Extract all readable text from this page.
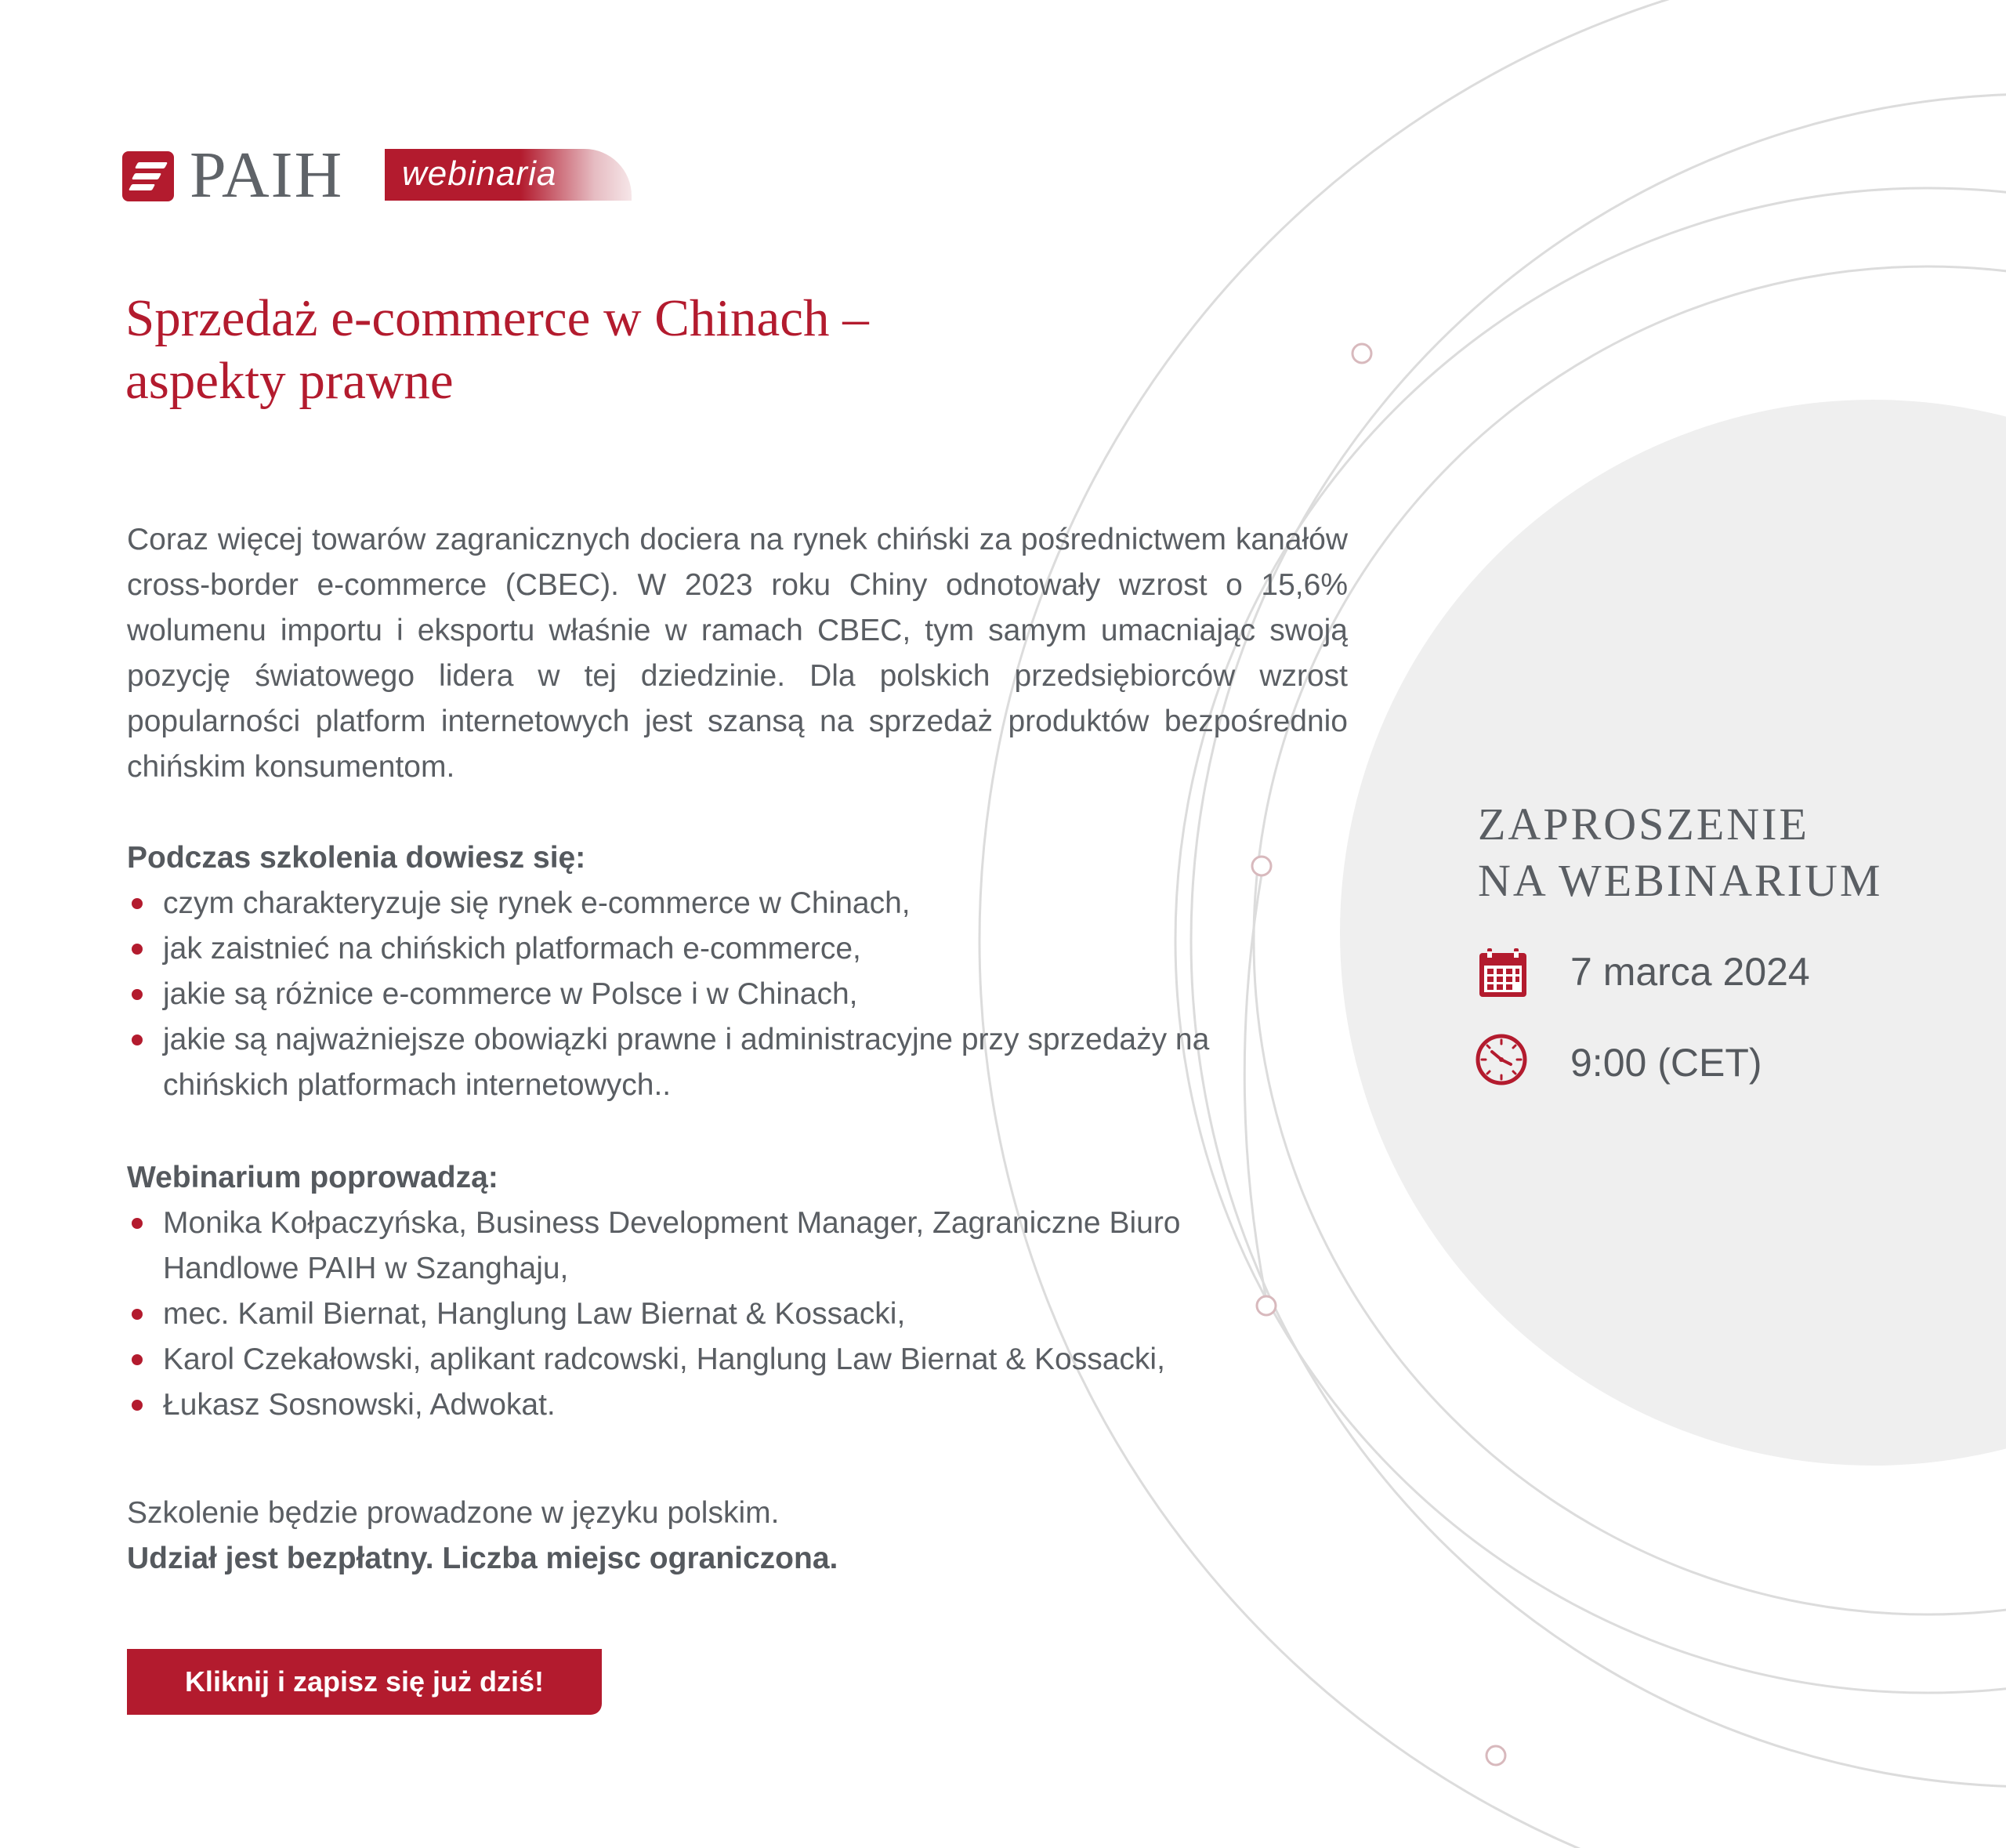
PAIH webinaria
Sprzedaż e-commerce w Chinach –
aspekty prawne

Coraz więcej towarów zagranicznych dociera na rynek chiński za pośrednictwem kanałów cross-border e-commerce (CBEC). W 2023 roku Chiny odnotowały wzrost o 15,6% wolumenu importu i eksportu właśnie w ramach CBEC, tym samym umacniając swoją pozycję światowego lidera w tej dziedzinie. Dla polskich przedsiębiorców wzrost popularności platform internetowych jest szansą na sprzedaż produktów bezpośrednio chińskim konsumentom.

Podczas szkolenia dowiesz się:

czym charakteryzuje się rynek e-commerce w Chinach,
jak zaistnieć na chińskich platformach e-commerce,
jakie są różnice e-commerce w Polsce i w Chinach,
jakie są najważniejsze obowiązki prawne i administracyjne przy sprzedaży na chińskich platformach internetowych..

Webinarium poprowadzą:

Monika Kołpaczyńska, Business Development Manager, Zagraniczne Biuro Handlowe PAIH w Szanghaju,
mec. Kamil Biernat, Hanglung Law Biernat & Kossacki,
Karol Czekałowski, aplikant radcowski, Hanglung Law Biernat & Kossacki,
Łukasz Sosnowski, Adwokat.

Szkolenie będzie prowadzone w języku polskim.

Udział jest bezpłatny. Liczba miejsc ograniczona.

Kliknij i zapisz się już dziś!
ZAPROSZENIE
NA WEBINARIUM
7 marca 2024
9:00 (CET)
